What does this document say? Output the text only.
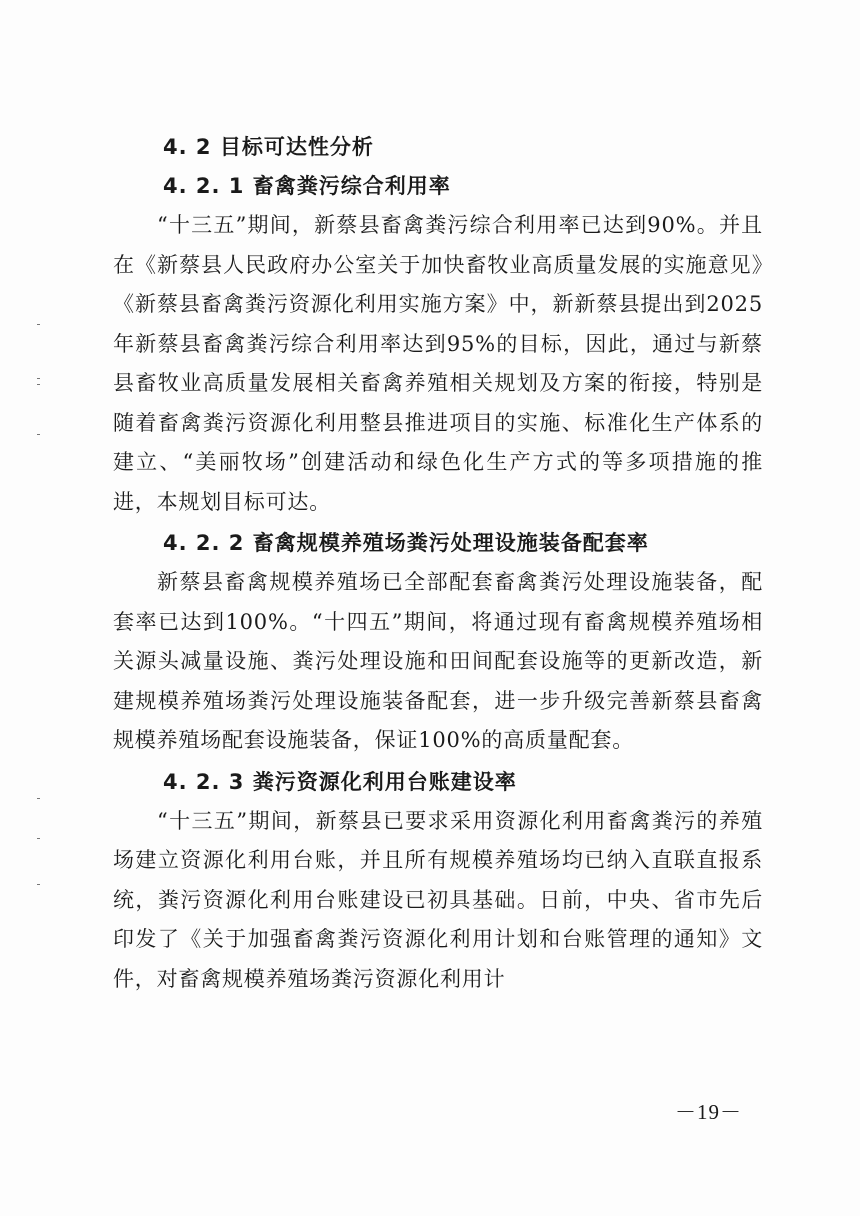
4. 2 目标可达性分析
4. 2. 1 畜禽粪污综合利用率

“十三五”期间，新蔡县畜禽粪污综合利用率已达到90%。并且在《新蔡县人民政府办公室关于加快畜牧业高质量发展的实施意见》《新蔡县畜禽粪污资源化利用实施方案》中，新新蔡县提出到2025年新蔡县畜禽粪污综合利用率达到95%的目标，因此，通过与新蔡县畜牧业高质量发展相关畜禽养殖相关规划及方案的衔接，特别是随着畜禽粪污资源化利用整县推进项目的实施、标准化生产体系的建立、“美丽牧场”创建活动和绿色化生产方式的等多项措施的推进，本规划目标可达。

4. 2. 2 畜禽规模养殖场粪污处理设施装备配套率

新蔡县畜禽规模养殖场已全部配套畜禽粪污处理设施装备，配套率已达到100%。“十四五”期间，将通过现有畜禽规模养殖场相关源头减量设施、粪污处理设施和田间配套设施等的更新改造，新建规模养殖场粪污处理设施装备配套，进一步升级完善新蔡县畜禽规模养殖场配套设施装备，保证100%的高质量配套。

4. 2. 3 粪污资源化利用台账建设率

“十三五”期间，新蔡县已要求采用资源化利用畜禽粪污的养殖场建立资源化利用台账，并且所有规模养殖场均已纳入直联直报系统，粪污资源化利用台账建设已初具基础。日前，中央、省市先后印发了《关于加强畜禽粪污资源化利用计划和台账管理的通知》文件，对畜禽规模养殖场粪污资源化利用计

－19－
